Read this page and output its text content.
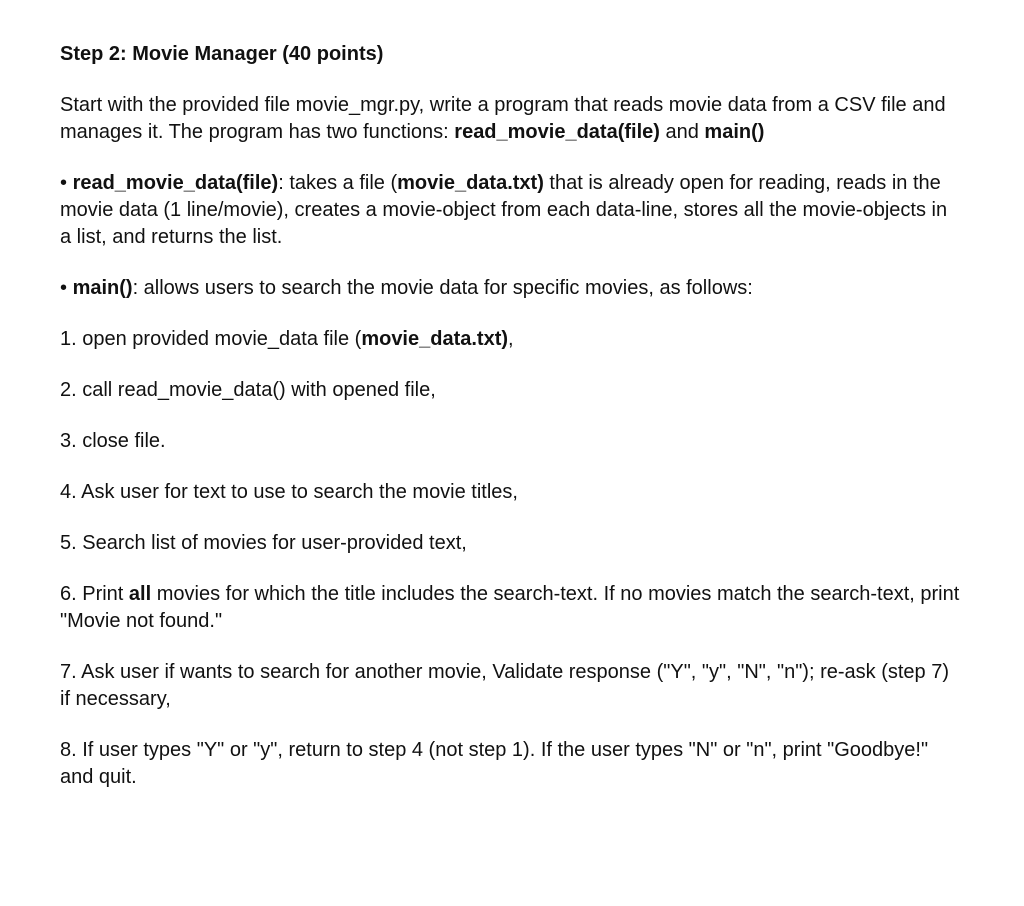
Step 2: Movie Manager (40 points)

Start with the provided file movie_mgr.py, write a program that reads movie data from a CSV file and manages it. The program has two functions: read_movie_data(file) and main()

• read_movie_data(file): takes a file (movie_data.txt) that is already open for reading, reads in the movie data (1 line/movie), creates a movie-object from each data-line, stores all the movie-objects in a list, and returns the list.

• main(): allows users to search the movie data for specific movies, as follows:

1. open provided movie_data file (movie_data.txt),

2. call read_movie_data() with opened file,

3. close file.

4. Ask user for text to use to search the movie titles,

5. Search list of movies for user-provided text,

6. Print all movies for which the title includes the search-text. If no movies match the search-text, print "Movie not found."

7. Ask user if wants to search for another movie, Validate response ("Y", "y", "N", "n"); re-ask (step 7) if necessary,

8. If user types "Y" or "y", return to step 4 (not step 1). If the user types "N" or "n", print "Goodbye!" and quit.
